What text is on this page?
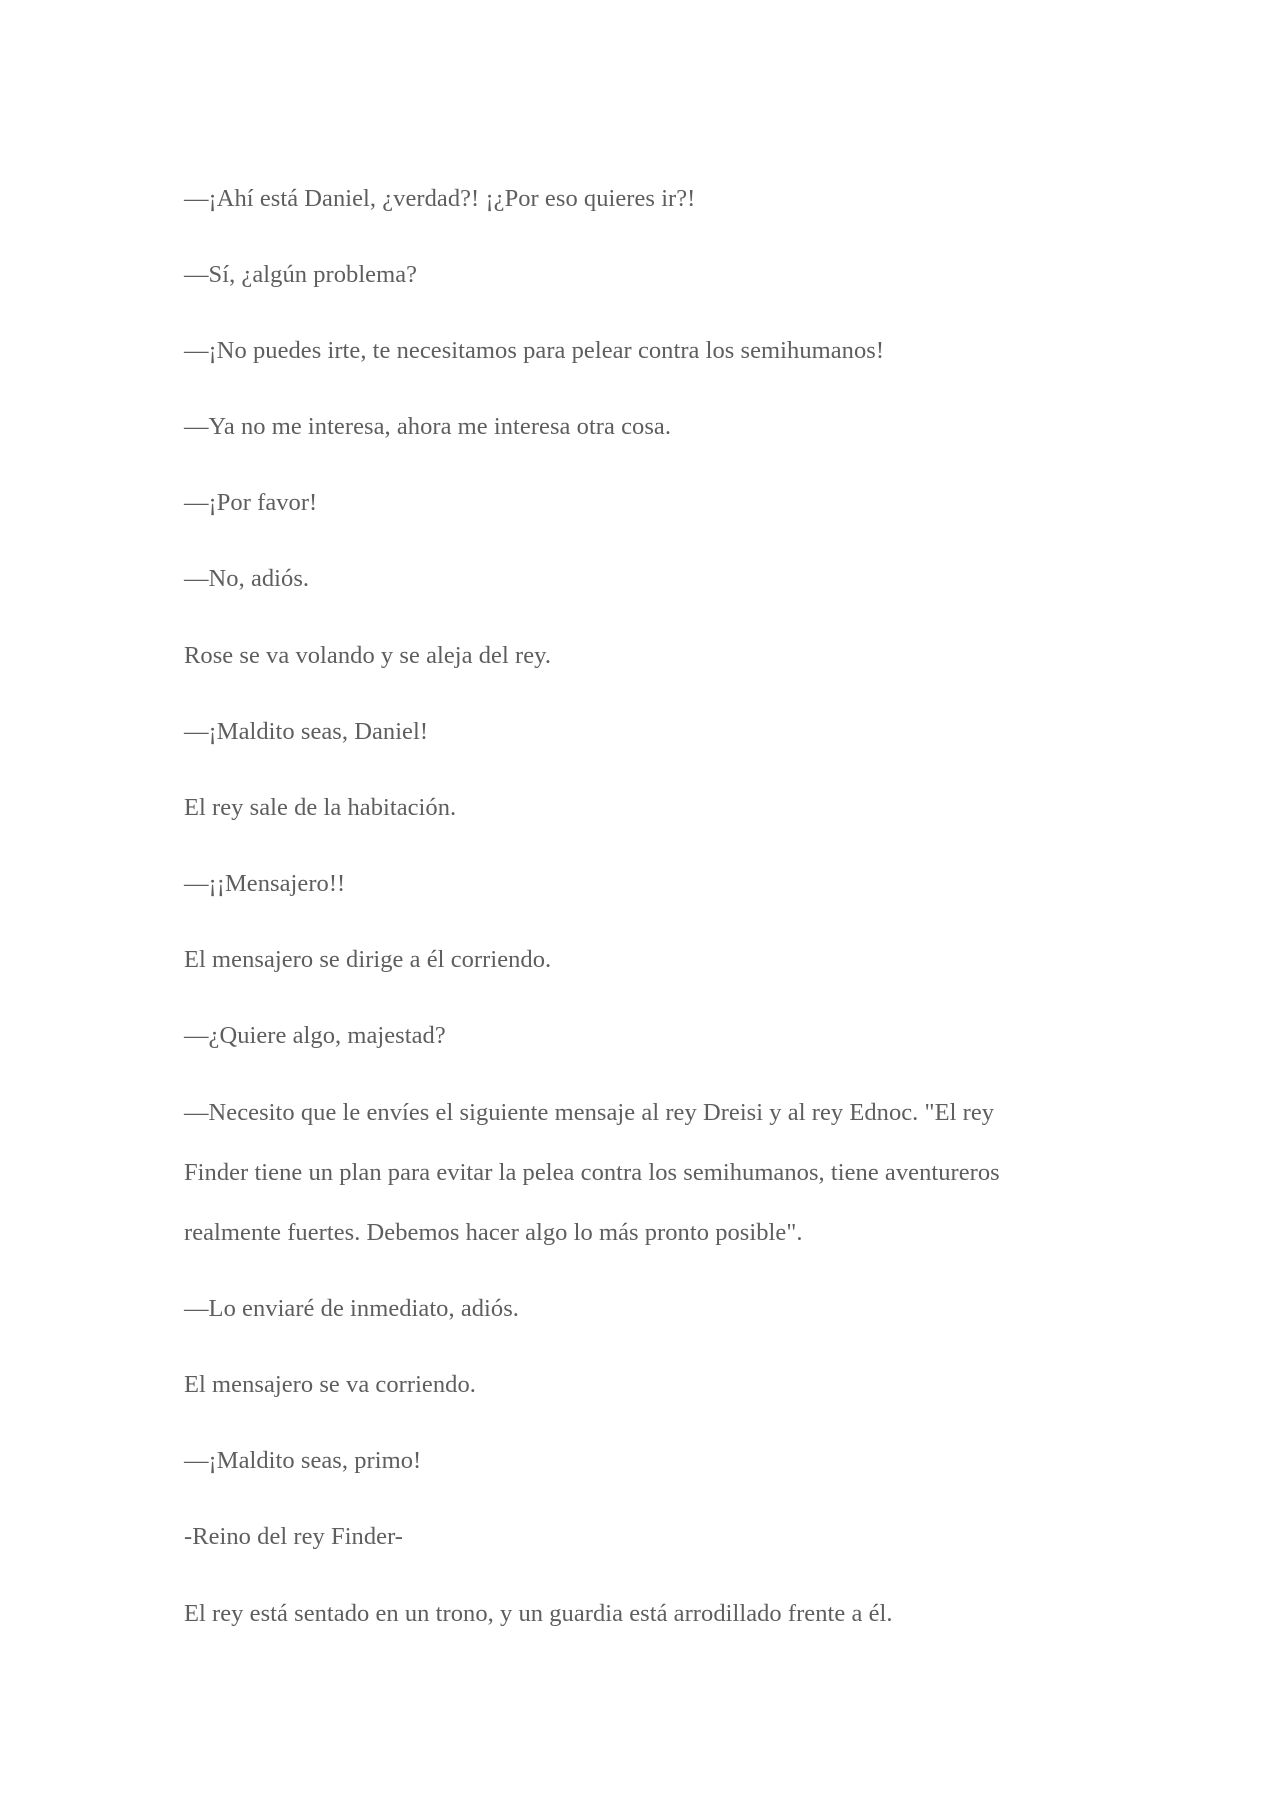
—¡Ahí está Daniel, ¿verdad?! ¡¿Por eso quieres ir?!
—Sí, ¿algún problema?
—¡No puedes irte, te necesitamos para pelear contra los semihumanos!
—Ya no me interesa, ahora me interesa otra cosa.
—¡Por favor!
—No, adiós.
Rose se va volando y se aleja del rey.
—¡Maldito seas, Daniel!
El rey sale de la habitación.
—¡¡Mensajero!!
El mensajero se dirige a él corriendo.
—¿Quiere algo, majestad?
—Necesito que le envíes el siguiente mensaje al rey Dreisi y al rey Ednoc. "El rey
Finder tiene un plan para evitar la pelea contra los semihumanos, tiene aventureros
realmente fuertes. Debemos hacer algo lo más pronto posible".
—Lo enviaré de inmediato, adiós.
El mensajero se va corriendo.
—¡Maldito seas, primo!
-Reino del rey Finder-
El rey está sentado en un trono, y un guardia está arrodillado frente a él.
